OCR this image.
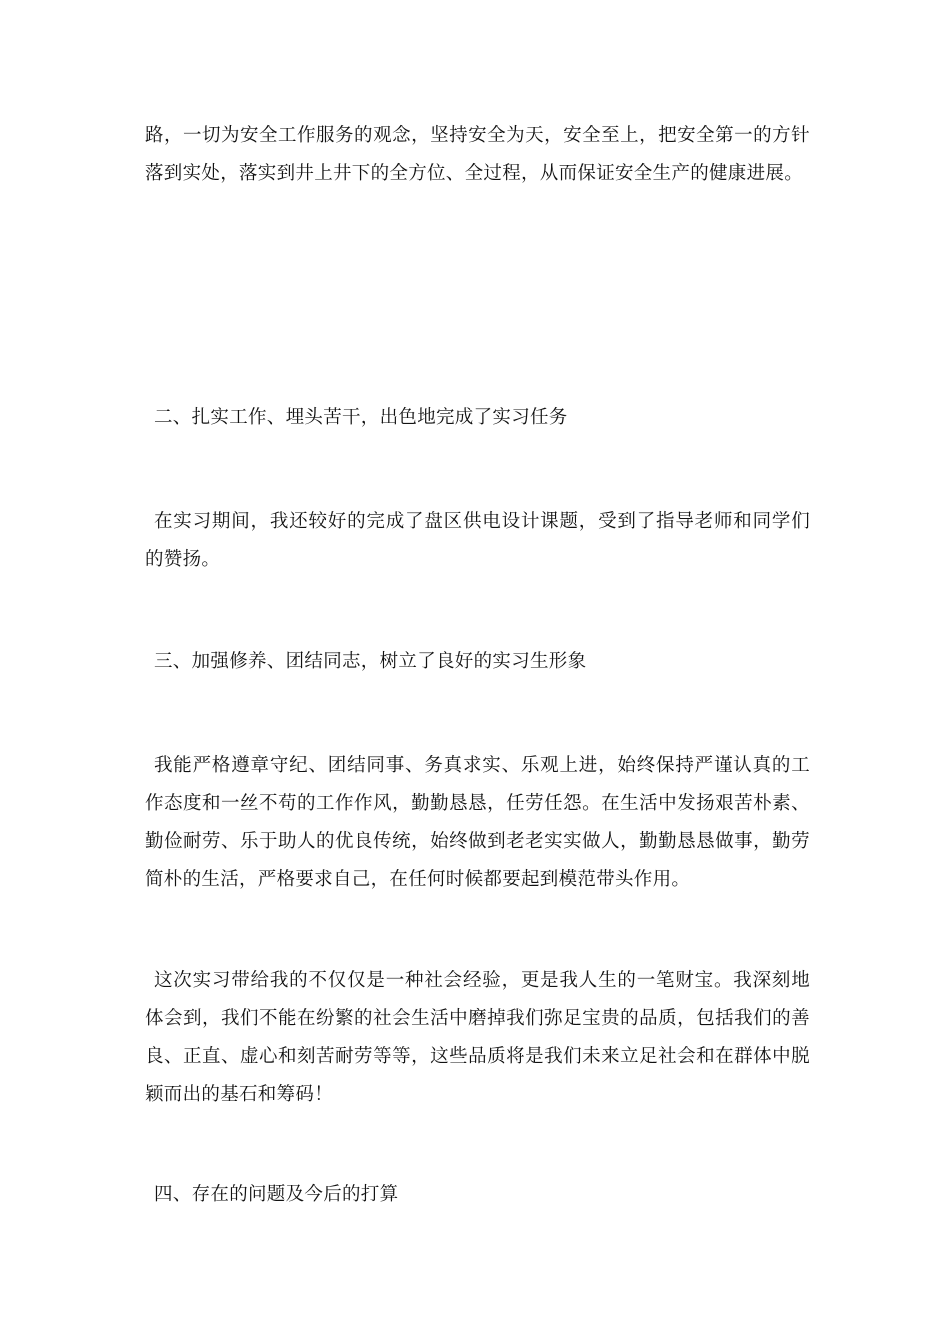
路，一切为安全工作服务的观念，坚持安全为天，安全至上，把安全第一的方针落到实处，落实到井上井下的全方位、全过程，从而保证安全生产的健康进展。

二、扎实工作、埋头苦干，出色地完成了实习任务

在实习期间，我还较好的完成了盘区供电设计课题，受到了指导老师和同学们的赞扬。

三、加强修养、团结同志，树立了良好的实习生形象

我能严格遵章守纪、团结同事、务真求实、乐观上进，始终保持严谨认真的工作态度和一丝不苟的工作作风，勤勤恳恳，任劳任怨。在生活中发扬艰苦朴素、勤俭耐劳、乐于助人的优良传统，始终做到老老实实做人，勤勤恳恳做事，勤劳简朴的生活，严格要求自己，在任何时候都要起到模范带头作用。

这次实习带给我的不仅仅是一种社会经验，更是我人生的一笔财宝。我深刻地体会到，我们不能在纷繁的社会生活中磨掉我们弥足宝贵的品质，包括我们的善良、正直、虚心和刻苦耐劳等等，这些品质将是我们未来立足社会和在群体中脱颖而出的基石和筹码！

四、存在的问题及今后的打算
